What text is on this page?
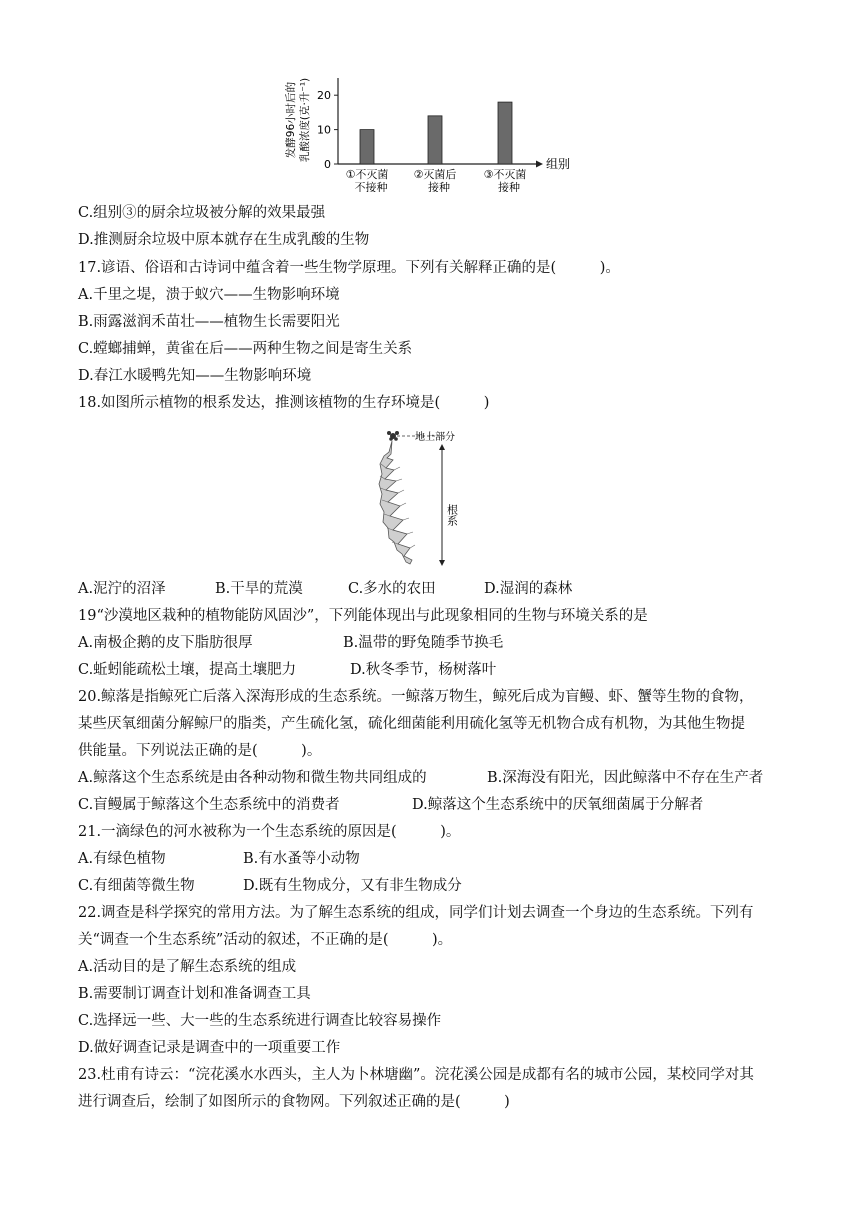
发酵96小时后的 乳酸浓度(克·升⁻¹)
组别
0
10
20
①不灭菌
不接种
②灭菌后
接种
③不灭菌
接种
C.组别③的厨余垃圾被分解的效果最强
D.推测厨余垃圾中原本就存在生成乳酸的生物
17.谚语、俗语和古诗词中蕴含着一些生物学原理。下列有关解释正确的是(　　　)。
A.千里之堤，溃于蚁穴——生物影响环境
B.雨露滋润禾苗壮——植物生长需要阳光
C.螳螂捕蝉，黄雀在后——两种生物之间是寄生关系
D.春江水暖鸭先知——生物影响环境
18.如图所示植物的根系发达，推测该植物的生存环境是(　　　)
地上部分
根系
A.泥泞的沼泽	B.干旱的荒漠	C.多水的农田	D.湿润的森林
19“沙漠地区栽种的植物能防风固沙”，下列能体现出与此现象相同的生物与环境关系的是
A.南极企鹅的皮下脂肪很厚	B.温带的野兔随季节换毛
C.蚯蚓能疏松土壤，提高土壤肥力	D.秋冬季节，杨树落叶
20.鲸落是指鲸死亡后落入深海形成的生态系统。一鲸落万物生，鲸死后成为盲鳗、虾、蟹等生物的食物，
某些厌氧细菌分解鲸尸的脂类，产生硫化氢，硫化细菌能利用硫化氢等无机物合成有机物，为其他生物提
供能量。下列说法正确的是(　　　)。
A.鲸落这个生态系统是由各种动物和微生物共同组成的	B.深海没有阳光，因此鲸落中不存在生产者
C.盲鳗属于鲸落这个生态系统中的消费者	D.鲸落这个生态系统中的厌氧细菌属于分解者
21.一滴绿色的河水被称为一个生态系统的原因是(　　　)。
A.有绿色植物	B.有水蚤等小动物
C.有细菌等微生物	D.既有生物成分，又有非生物成分
22.调查是科学探究的常用方法。为了解生态系统的组成，同学们计划去调查一个身边的生态系统。下列有
关“调查一个生态系统”活动的叙述，不正确的是(　　　)。
A.活动目的是了解生态系统的组成
B.需要制订调查计划和准备调查工具
C.选择远一些、大一些的生态系统进行调查比较容易操作
D.做好调查记录是调查中的一项重要工作
23.杜甫有诗云：“浣花溪水水西头，主人为卜林塘幽”。浣花溪公园是成都有名的城市公园，某校同学对其
进行调查后，绘制了如图所示的食物网。下列叙述正确的是(　　　)
